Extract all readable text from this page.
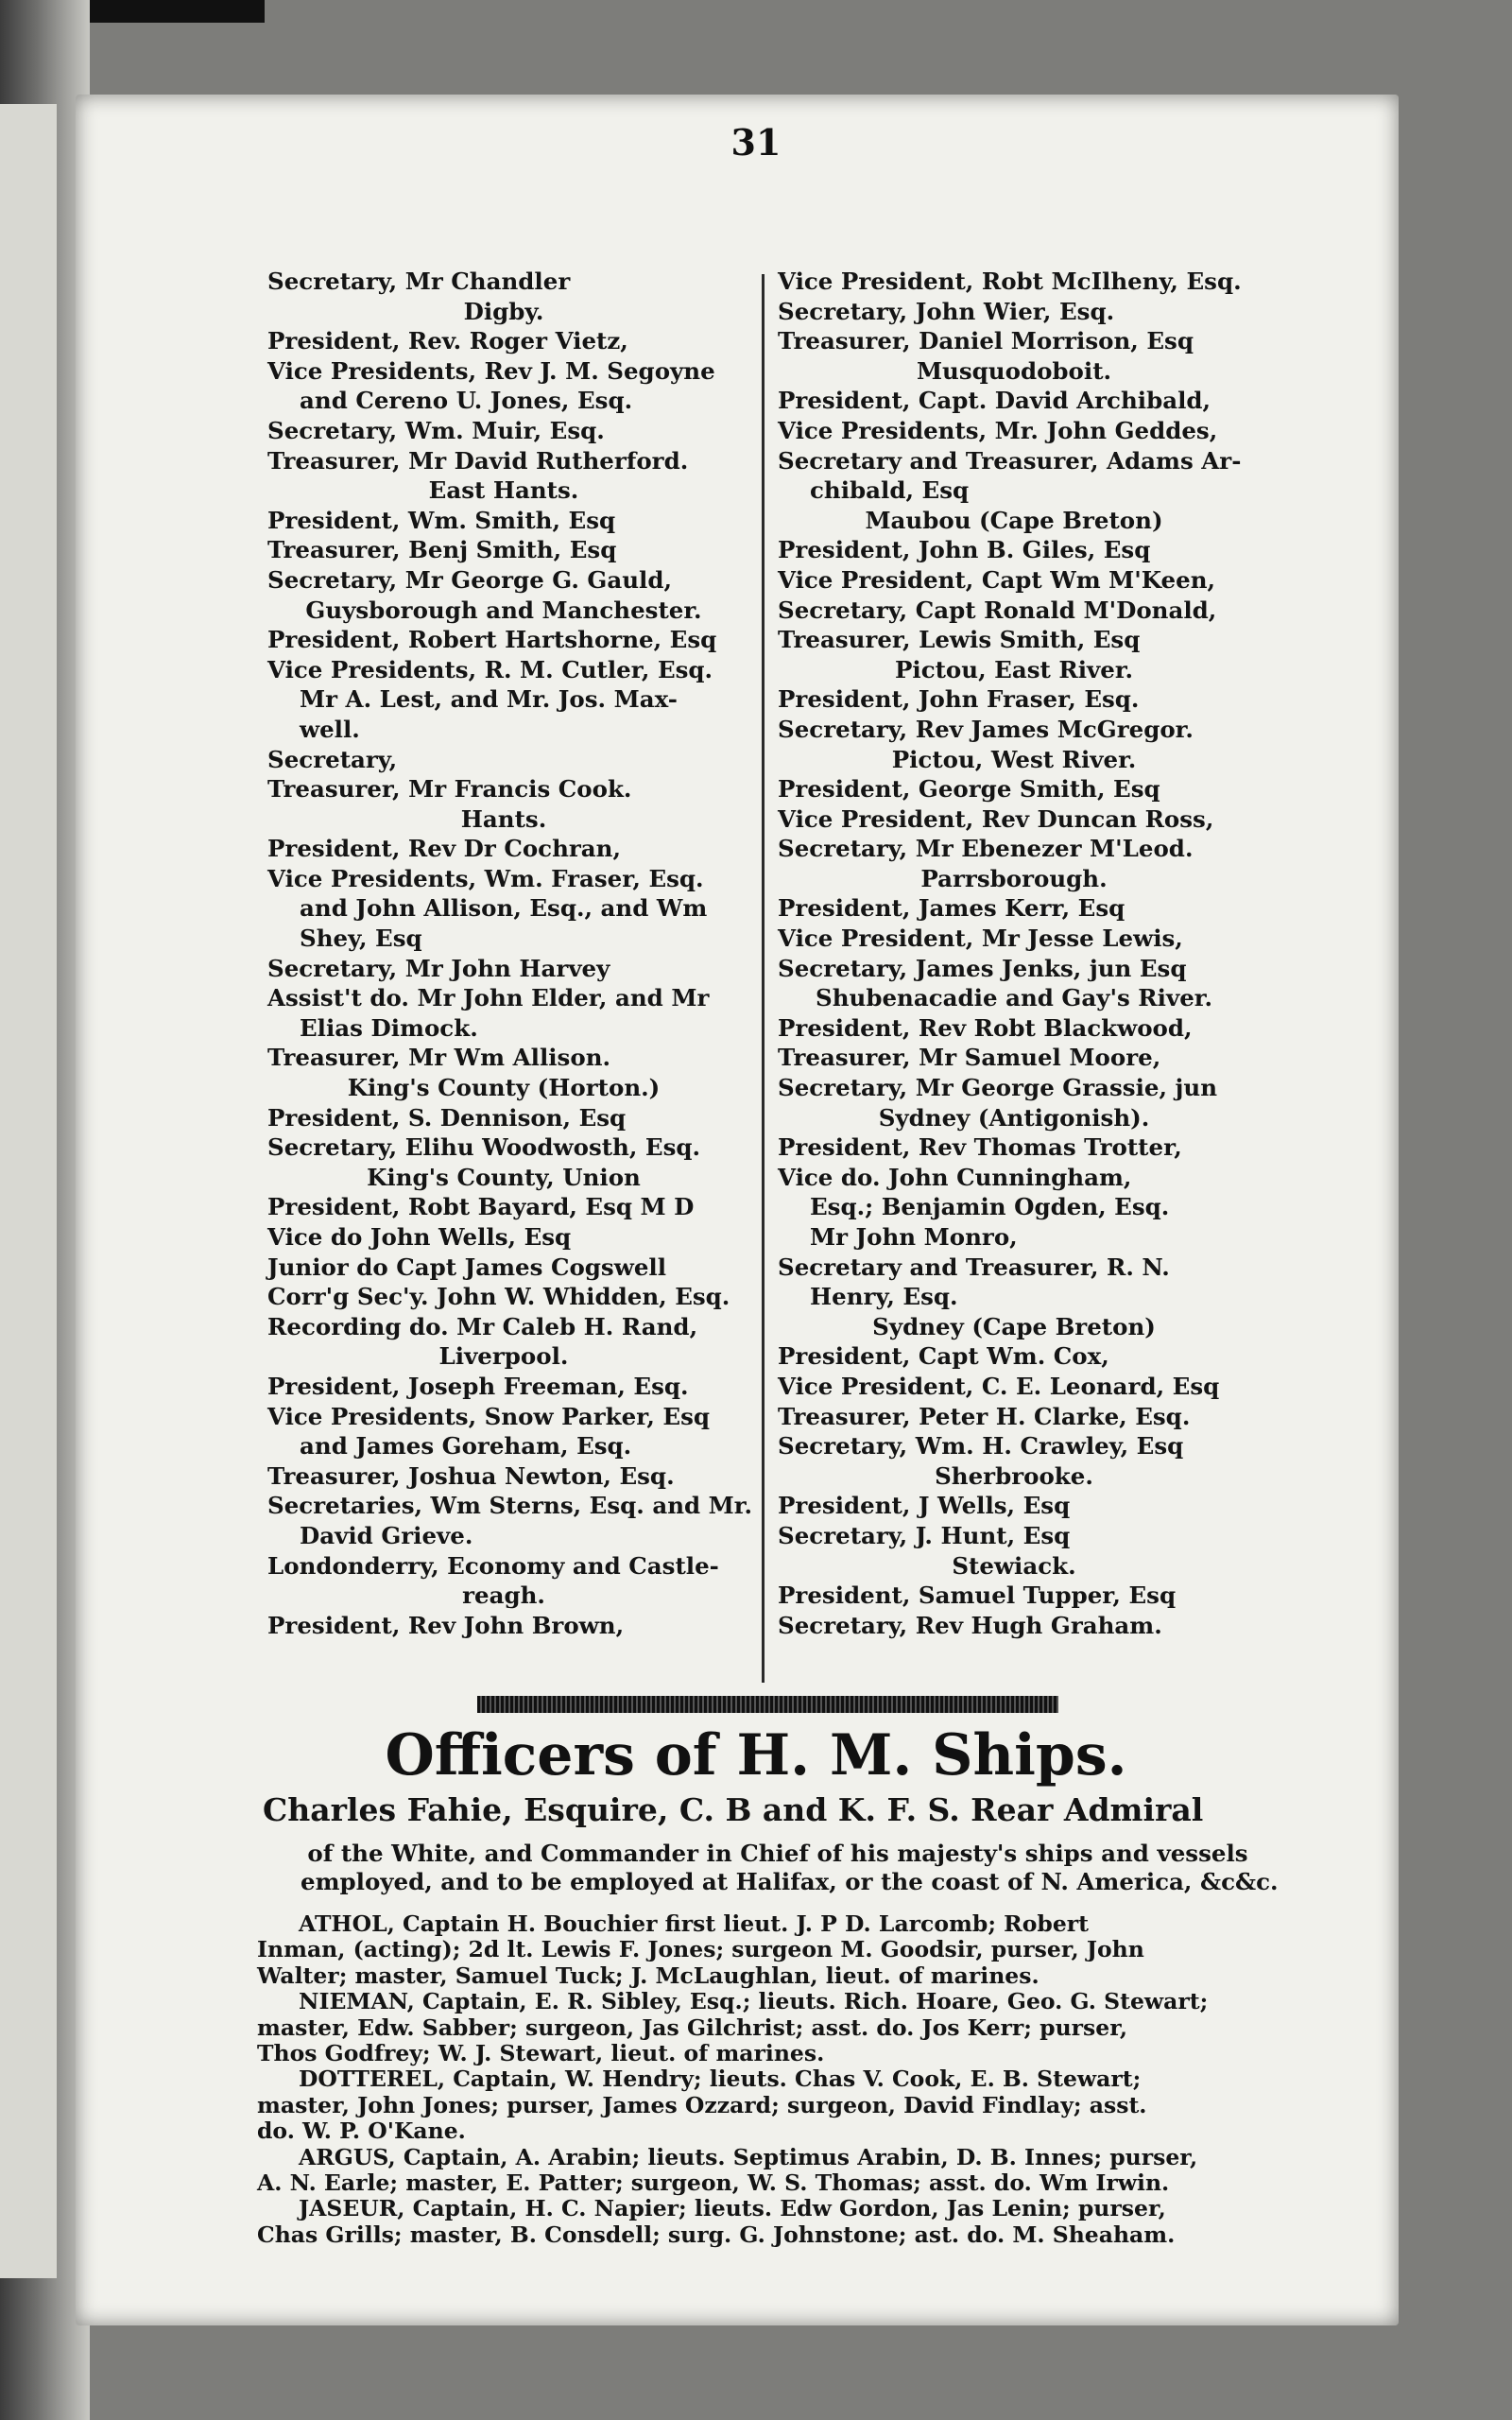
31
Secretary, Mr Chandler
Digby.
President, Rev. Roger Vietz,
Vice Presidents, Rev J. M. Segoyne
and Cereno U. Jones, Esq.
Secretary, Wm. Muir, Esq.
Treasurer, Mr David Rutherford.
East Hants.
President, Wm. Smith, Esq
Treasurer, Benj Smith, Esq
Secretary, Mr George G. Gauld,
Guysborough and Manchester.
President, Robert Hartshorne, Esq
Vice Presidents, R. M. Cutler, Esq.
Mr A. Lest, and Mr. Jos. Max-
well.
Secretary,
Treasurer, Mr Francis Cook.
Hants.
President, Rev Dr Cochran,
Vice Presidents, Wm. Fraser, Esq.
and John Allison, Esq., and Wm
Shey, Esq
Secretary, Mr John Harvey
Assist't do. Mr John Elder, and Mr
Elias Dimock.
Treasurer, Mr Wm Allison.
King's County (Horton.)
President, S. Dennison, Esq
Secretary, Elihu Woodwosth, Esq.
King's County, Union
President, Robt Bayard, Esq M D
Vice do John Wells, Esq
Junior do Capt James Cogswell
Corr'g Sec'y. John W. Whidden, Esq.
Recording do. Mr Caleb H. Rand,
Liverpool.
President, Joseph Freeman, Esq.
Vice Presidents, Snow Parker, Esq
and James Goreham, Esq.
Treasurer, Joshua Newton, Esq.
Secretaries, Wm Sterns, Esq. and Mr.
David Grieve.
Londonderry, Economy and Castle-
reagh.
President, Rev John Brown,
Vice President, Robt McIlheny, Esq.
Secretary, John Wier, Esq.
Treasurer, Daniel Morrison, Esq
Musquodoboit.
President, Capt. David Archibald,
Vice Presidents, Mr. John Geddes,
Secretary and Treasurer, Adams Ar-
chibald, Esq
Maubou (Cape Breton)
President, John B. Giles, Esq
Vice President, Capt Wm M'Keen,
Secretary, Capt Ronald M'Donald,
Treasurer, Lewis Smith, Esq
Pictou, East River.
President, John Fraser, Esq.
Secretary, Rev James McGregor.
Pictou, West River.
President, George Smith, Esq
Vice President, Rev Duncan Ross,
Secretary, Mr Ebenezer M'Leod.
Parrsborough.
President, James Kerr, Esq
Vice President, Mr Jesse Lewis,
Secretary, James Jenks, jun Esq
Shubenacadie and Gay's River.
President, Rev Robt Blackwood,
Treasurer, Mr Samuel Moore,
Secretary, Mr George Grassie, jun
Sydney (Antigonish).
President, Rev Thomas Trotter,
Vice do. John Cunningham,
Esq.; Benjamin Ogden, Esq.
Mr John Monro,
Secretary and Treasurer, R. N.
Henry, Esq.
Sydney (Cape Breton)
President, Capt Wm. Cox,
Vice President, C. E. Leonard, Esq
Treasurer, Peter H. Clarke, Esq.
Secretary, Wm. H. Crawley, Esq
Sherbrooke.
President, J Wells, Esq
Secretary, J. Hunt, Esq
Stewiack.
President, Samuel Tupper, Esq
Secretary, Rev Hugh Graham.
Officers of H. M. Ships.
Charles Fahie, Esquire, C. B and K. F. S. Rear Admiral
of the White, and Commander in Chief of his majesty's ships and vessels
employed, and to be employed at Halifax, or the coast of N. America, &c&c.
ATHOL, Captain H. Bouchier first lieut. J. P D. Larcomb; Robert
Inman, (acting); 2d lt. Lewis F. Jones; surgeon M. Goodsir, purser, John
Walter; master, Samuel Tuck; J. McLaughlan, lieut. of marines.
NIEMAN, Captain, E. R. Sibley, Esq.; lieuts. Rich. Hoare, Geo. G. Stewart;
master, Edw. Sabber; surgeon, Jas Gilchrist; asst. do. Jos Kerr; purser,
Thos Godfrey; W. J. Stewart, lieut. of marines.
DOTTEREL, Captain, W. Hendry; lieuts. Chas V. Cook, E. B. Stewart;
master, John Jones; purser, James Ozzard; surgeon, David Findlay; asst.
do. W. P. O'Kane.
ARGUS, Captain, A. Arabin; lieuts. Septimus Arabin, D. B. Innes; purser,
A. N. Earle; master, E. Patter; surgeon, W. S. Thomas; asst. do. Wm Irwin.
JASEUR, Captain, H. C. Napier; lieuts. Edw Gordon, Jas Lenin; purser,
Chas Grills; master, B. Consdell; surg. G. Johnstone; ast. do. M. Sheaham.
